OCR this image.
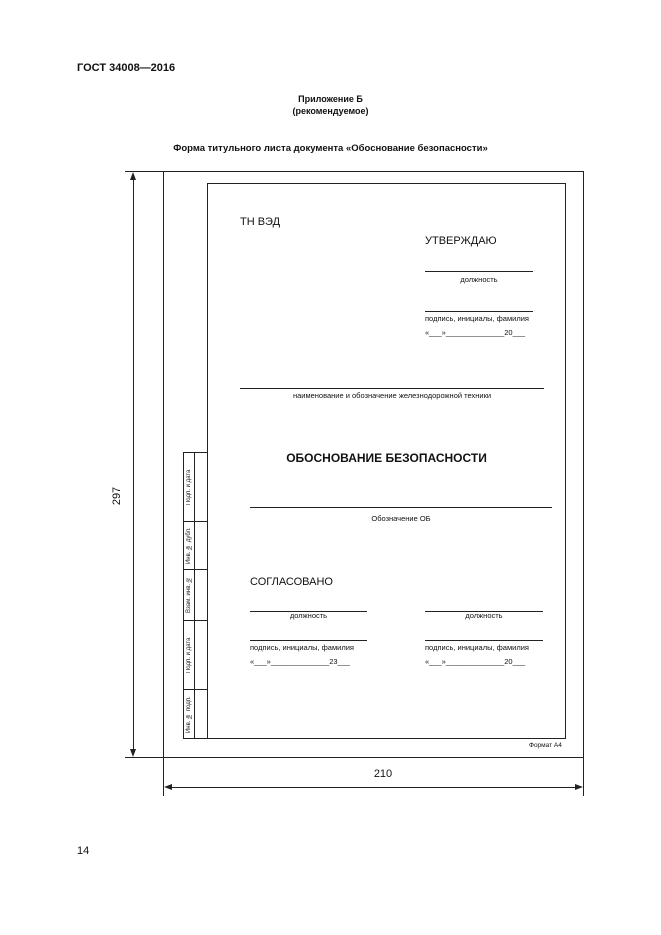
ГОСТ 34008—2016
Приложение Б
(рекомендуемое)
Форма титульного листа документа «Обоснование безопасности»
Подп. и дата
Инв. № дубл.
Взам. инв. №
Подп. и дата
Инв. № подп.
ТН ВЭД
УТВЕРЖДАЮ
должность
подпись, инициалы, фамилия
«___»______________20___
наименование и обозначение железнодорожной техники
ОБОСНОВАНИЕ БЕЗОПАСНОСТИ
Обозначение ОБ
СОГЛАСОВАНО
должность
подпись, инициалы, фамилия
«___»______________23___
должность
подпись, инициалы, фамилия
«___»______________20___
Формат А4
297
210
14
